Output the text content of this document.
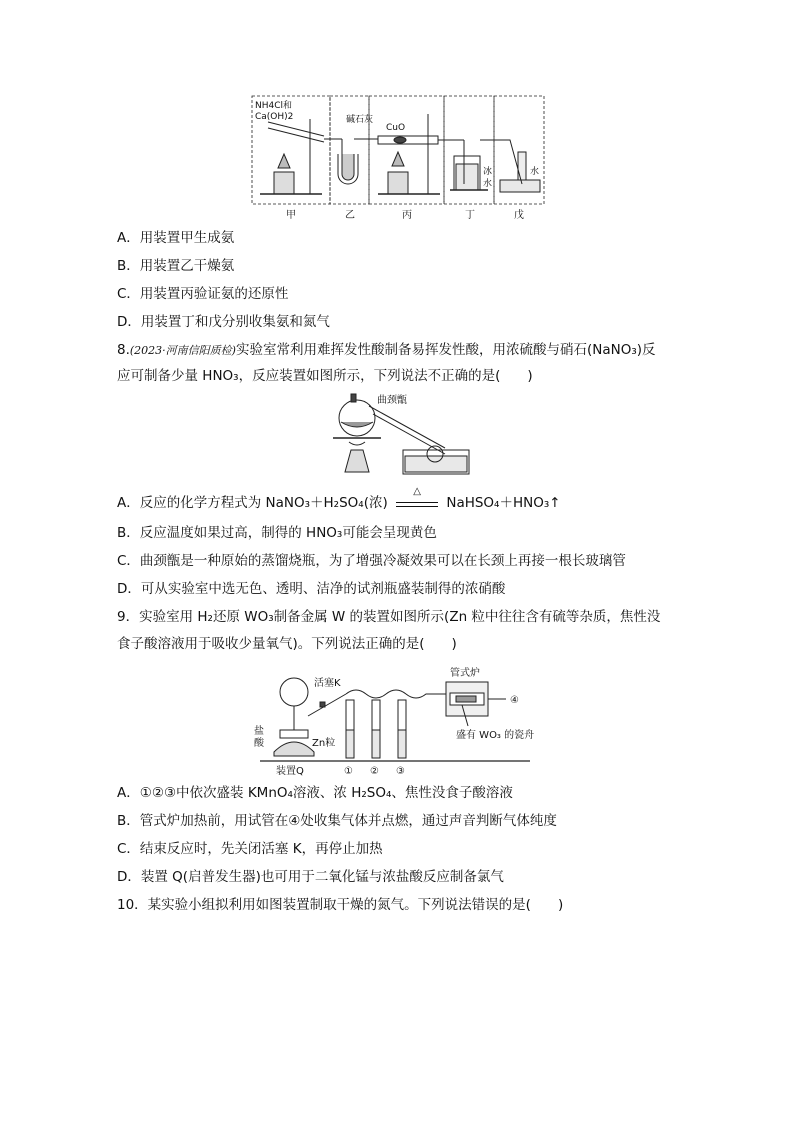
NH4Cl和
Ca(OH)2	碱石灰
CuO
冰
水
水
甲	乙	丙	丁	戊
A．用装置甲生成氨
B．用装置乙干燥氨
C．用装置丙验证氨的还原性
D．用装置丁和戊分别收集氨和氮气
8.(2023·河南信阳质检)实验室常利用难挥发性酸制备易挥发性酸，用浓硫酸与硝石(NaNO₃)反
应可制备少量 HNO₃，反应装置如图所示，下列说法不正确的是(　　)
曲颈甑
A．反应的化学方程式为 NaNO₃＋H₂SO₄(浓)
△
NaHSO₄＋HNO₃↑
B．反应温度如果过高，制得的 HNO₃可能会呈现黄色
C．曲颈甑是一种原始的蒸馏烧瓶，为了增强冷凝效果可以在长颈上再接一根长玻璃管
D．可从实验室中选无色、透明、洁净的试剂瓶盛装制得的浓硝酸
9．实验室用 H₂还原 WO₃制备金属 W 的装置如图所示(Zn 粒中往往含有硫等杂质，焦性没
食子酸溶液用于吸收少量氧气)。下列说法正确的是(　　)
管式炉
活塞K
盐
酸	Zn粒
装置Q
盛有 WO₃ 的瓷舟
④
① ② ③
A．①②③中依次盛装 KMnO₄溶液、浓 H₂SO₄、焦性没食子酸溶液
B．管式炉加热前，用试管在④处收集气体并点燃，通过声音判断气体纯度
C．结束反应时，先关闭活塞 K，再停止加热
D．装置 Q(启普发生器)也可用于二氧化锰与浓盐酸反应制备氯气
10．某实验小组拟利用如图装置制取干燥的氮气。下列说法错误的是(　　)
